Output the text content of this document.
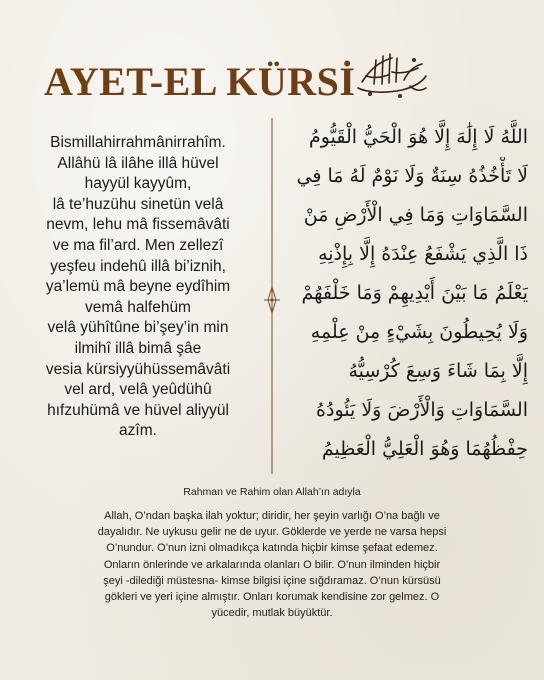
AYET-EL KÜRSİ
Bismillahirrahmânirrahîm.
Allâhü lâ ilâhe illâ hüvel
hayyül kayyûm,
lâ te’huzühu sinetün velâ
nevm, lehu mâ fissemâvâti
ve ma fil’ard. Men zellezî
yeşfeu indehû illâ bi’iznih,
ya’lemü mâ beyne eydîhim
vemâ halfehüm
velâ yühîtûne bi’şey’in min
ilmihî illâ bimâ şâe
vesia kürsiyyühüssemâvâti
vel ard, velâ yeûdühû
hıfzuhümâ ve hüvel aliyyül
azîm.
اللَّهُ لَا إِلَٰهَ إِلَّا هُوَ الْحَيُّ الْقَيُّومُ
لَا تَأْخُذُهُ سِنَةٌ وَلَا نَوْمٌ لَهُ مَا فِي
السَّمَاوَاتِ وَمَا فِي الْأَرْضِ مَنْ
ذَا الَّذِي يَشْفَعُ عِنْدَهُ إِلَّا بِإِذْنِهِ
يَعْلَمُ مَا بَيْنَ أَيْدِيهِمْ وَمَا خَلْفَهُمْ
وَلَا يُحِيطُونَ بِشَيْءٍ مِنْ عِلْمِهِ
إِلَّا بِمَا شَاءَ وَسِعَ كُرْسِيُّهُ
السَّمَاوَاتِ وَالْأَرْضَ وَلَا يَئُودُهُ
حِفْظُهُمَا وَهُوَ الْعَلِيُّ الْعَظِيمُ
Rahman ve Rahim olan Allah’ın adıyla
Allah, O’ndan başka ilah yoktur; diridir, her şeyin varlığı O’na bağlı ve
dayalıdır. Ne uykusu gelir ne de uyur. Göklerde ve yerde ne varsa hepsi
O’nundur. O’nun izni olmadıkça katında hiçbir kimse şefaat edemez.
Onların önlerinde ve arkalarında olanları O bilir. O’nun ilminden hiçbir
şeyi -dilediği müstesna- kimse bilgisi içine sığdıramaz. O’nun kürsüsü
gökleri ve yeri içine almıştır. Onları korumak kendisine zor gelmez. O
yücedir, mutlak büyüktür.
